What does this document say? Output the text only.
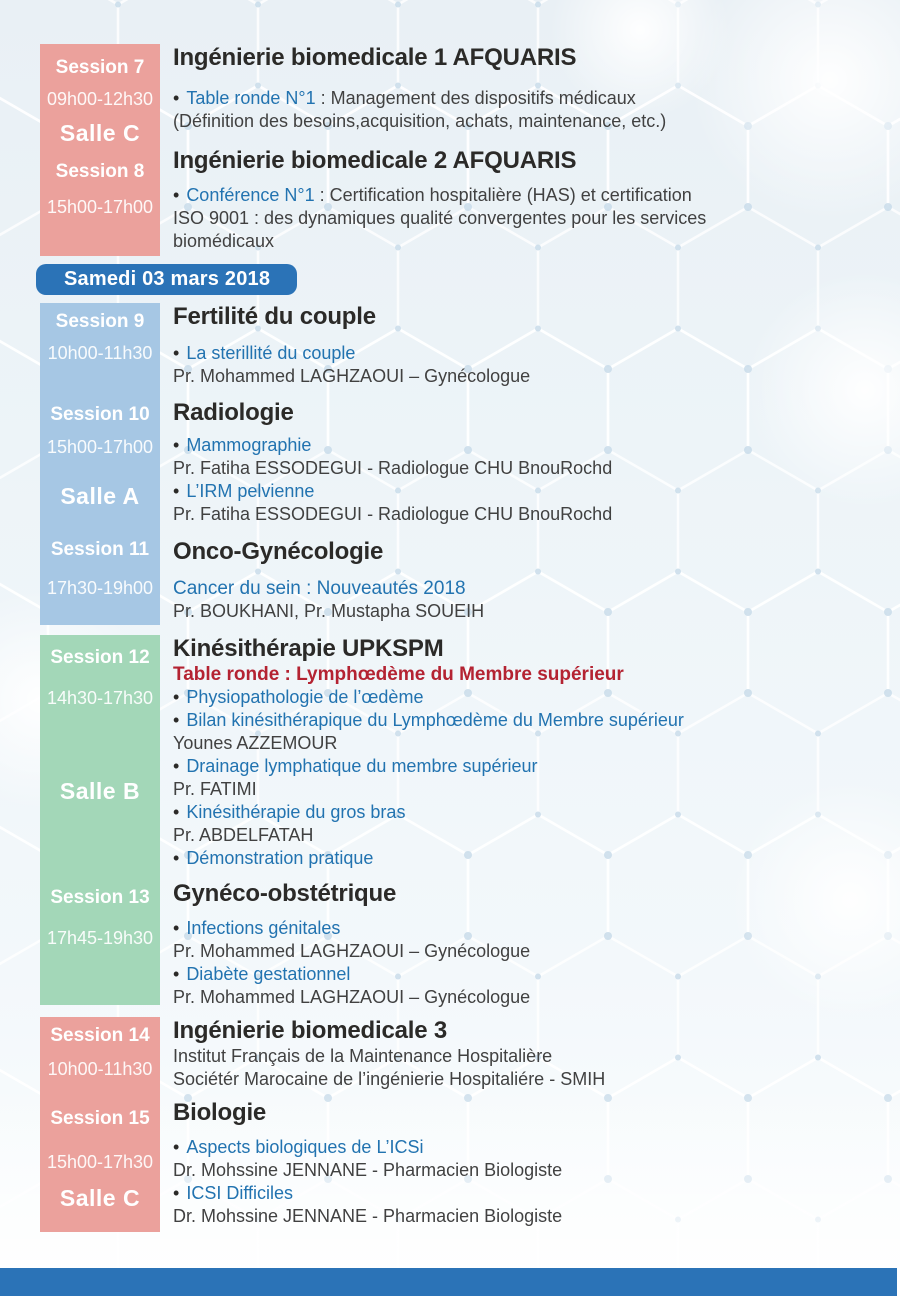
Session 7
09h00-12h30
Salle C
Session 8
15h00-17h00
Ingénierie biomedicale 1 AFQUARIS
• Table ronde N°1 : Management des dispositifs médicaux
(Définition des besoins,acquisition, achats, maintenance, etc.)
Ingénierie biomedicale 2 AFQUARIS
• Conférence N°1 : Certification hospitalière (HAS) et certification
ISO 9001 : des dynamiques qualité convergentes pour les services
biomédicaux
Samedi 03 mars 2018
Session 9
10h00-11h30
Session 10
15h00-17h00
Salle A
Session 11
17h30-19h00
Fertilité du couple
• La sterillité du couple
Pr. Mohammed LAGHZAOUI – Gynécologue
Radiologie
• Mammographie
Pr. Fatiha ESSODEGUI - Radiologue CHU BnouRochd
• L’IRM pelvienne
Pr. Fatiha ESSODEGUI - Radiologue CHU BnouRochd
Onco-Gynécologie
Cancer du sein : Nouveautés 2018
Pr. BOUKHANI, Pr. Mustapha SOUEIH
Session 12
14h30-17h30
Salle B
Session 13
17h45-19h30
Kinésithérapie UPKSPM
Table ronde : Lymphœdème du Membre supérieur
• Physiopathologie de l’œdème
• Bilan kinésithérapique du Lymphœdème du Membre supérieur
Younes AZZEMOUR
• Drainage lymphatique du membre supérieur
Pr. FATIMI
• Kinésithérapie du gros bras
Pr. ABDELFATAH
• Démonstration pratique
Gynéco-obstétrique
• Infections génitales
Pr. Mohammed LAGHZAOUI – Gynécologue
• Diabète gestationnel
Pr. Mohammed LAGHZAOUI – Gynécologue
Session 14
10h00-11h30
Session 15
15h00-17h30
Salle C
Ingénierie biomedicale 3
Institut Français de la Maintenance Hospitalière
Sociétér Marocaine de l’ingénierie Hospitaliére - SMIH
Biologie
• Aspects biologiques de L’ICSi
Dr. Mohssine JENNANE - Pharmacien Biologiste
• ICSI Difficiles
Dr. Mohssine JENNANE - Pharmacien Biologiste
